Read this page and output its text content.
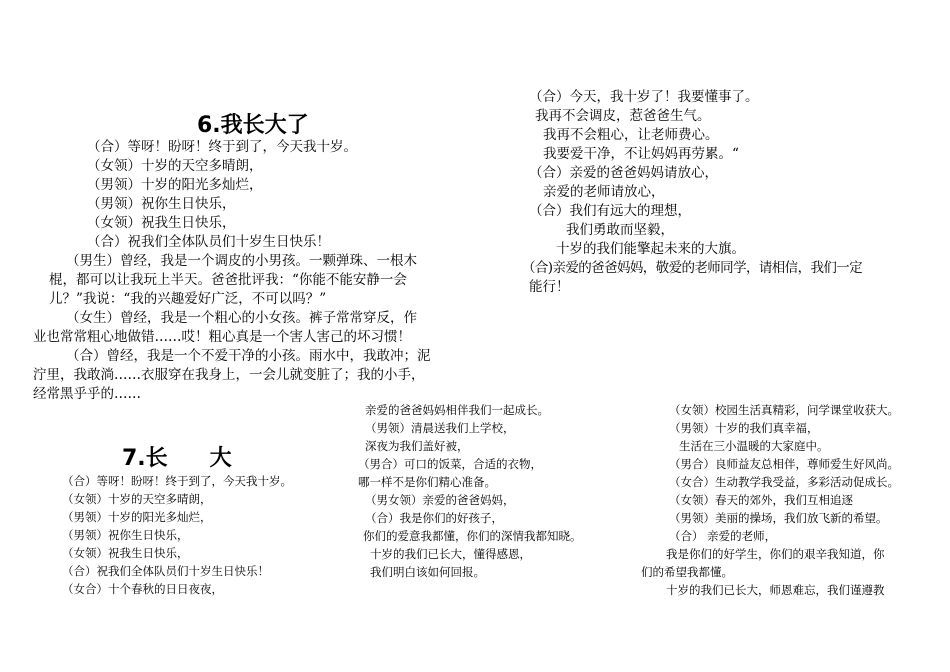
6.我长大了
（合）等呀！盼呀！终于到了，今天我十岁。
（女领）十岁的天空多晴朗，
（男领）十岁的阳光多灿烂，
（男领）祝你生日快乐，
（女领）祝我生日快乐，
（合）祝我们全体队员们十岁生日快乐！
（男生）曾经，我是一个调皮的小男孩。一颗弹珠、一根木
棍，都可以让我玩上半天。爸爸批评我：“你能不能安静一会
儿？”我说：“我的兴趣爱好广泛，不可以吗？”
（女生）曾经，我是一个粗心的小女孩。裤子常常穿反，作
业也常常粗心地做错……哎！粗心真是一个害人害己的坏习惯！
（合）曾经，我是一个不爱干净的小孩。雨水中，我敢冲；泥
泞里，我敢淌……衣服穿在我身上，一会儿就变脏了；我的小手，
经常黑乎乎的……
（合）今天，我十岁了！我要懂事了。
我再不会调皮，惹爸爸生气。
我再不会粗心，让老师费心。
我要爱干净，不让妈妈再劳累。“
（合）亲爱的爸爸妈妈请放心，
亲爱的老师请放心，
（合）我们有远大的理想，
我们勇敢而坚毅，
十岁的我们能擎起未来的大旗。
（合)亲爱的爸爸妈妈，敬爱的老师同学，请相信，我们一定
能行！
7.长 大
（合）等呀！盼呀！终于到了，今天我十岁。
（女领）十岁的天空多晴朗，
（男领）十岁的阳光多灿烂，
（男领）祝你生日快乐，
（女领）祝我生日快乐，
（合）祝我们全体队员们十岁生日快乐！
（女合）十个春秋的日日夜夜，
亲爱的爸爸妈妈相伴我们一起成长。
（男领）清晨送我们上学校，
深夜为我们盖好被，
（男合）可口的饭菜，合适的衣物，
哪一样不是你们精心准备。
（男女领）亲爱的爸爸妈妈，
（合）我是你们的好孩子，
你们的爱意我都懂，你们的深情我都知晓。
十岁的我们已长大，懂得感恩，
我们明白该如何回报。
（女领）校园生活真精彩，问学课堂收获大。
（男领）十岁的我们真幸福，
生活在三小温暖的大家庭中。
（男合）良师益友总相伴，尊师爱生好风尚。
（女合）生动教学我受益，多彩活动促成长。
（女领）春天的郊外，我们互相追逐
（男领）美丽的操场，我们放飞新的希望。
（合） 亲爱的老师，
我是你们的好学生，你们的艰辛我知道，你
们的希望我都懂。
十岁的我们已长大，师恩难忘，我们谨遵教
